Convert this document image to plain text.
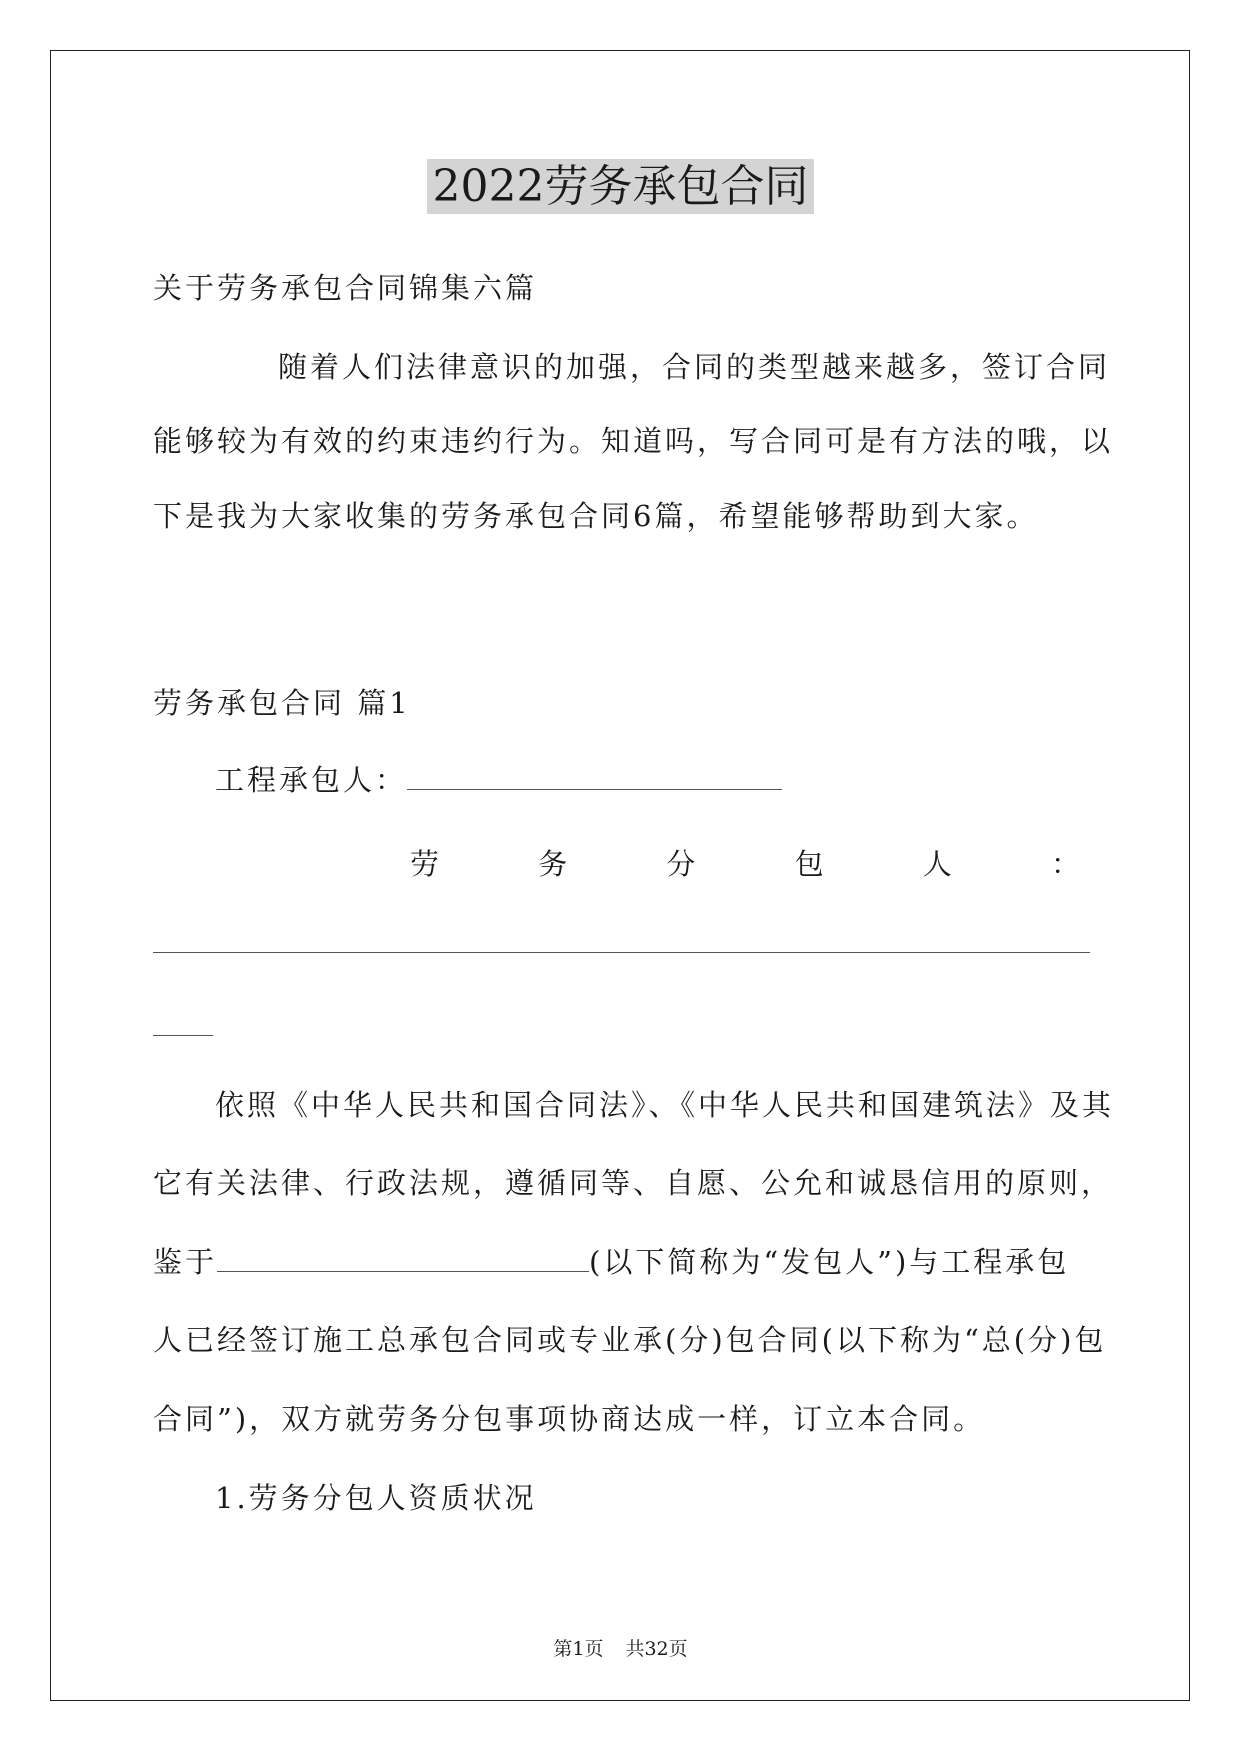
2022劳务承包合同
关于劳务承包合同锦集六篇
随着人们法律意识的加强，合同的类型越来越多，签订合同
能够较为有效的约束违约行为。知道吗，写合同可是有方法的哦，以
下是我为大家收集的劳务承包合同6篇，希望能够帮助到大家。
劳务承包合同 篇1
工程承包人：
劳	务	分	包	人	：
依照《中华人民共和国合同法》、《中华人民共和国建筑法》及其
它有关法律、行政法规，遵循同等、自愿、公允和诚恳信用的原则，
鉴于	(以下简称为“发包人”)与工程承包
人已经签订施工总承包合同或专业承(分)包合同(以下称为“总(分)包
合同”)，双方就劳务分包事项协商达成一样，订立本合同。
1.劳务分包人资质状况
第1页 共32页
